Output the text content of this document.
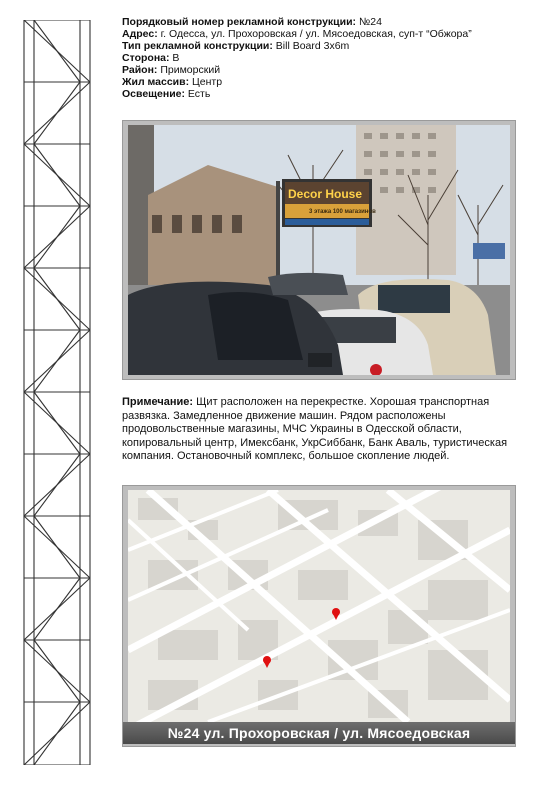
Порядковый номер рекламной конструкции: №24
Адрес: г. Одесса, ул. Прохоровская / ул. Мясоедовская, суп-т “Обжора”
Тип рекламной конструкции: Bill Board 3x6m
Сторона: В
Район: Приморский
Жил массив: Центр
Освещение: Есть
Decor House
3 этажа 100 магазинов
Примечание: Щит расположен на перекрестке. Хорошая транспортная развязка. Замедленное движение машин. Рядом расположены продовольственные магазины, МЧС Украины в Одесской области, копировальный центр, Имексбанк, УкрСиббанк, Банк Аваль, туристическая компания. Остановочный комплекс, большое скопление людей.
№24 ул. Прохоровская / ул. Мясоедовская
